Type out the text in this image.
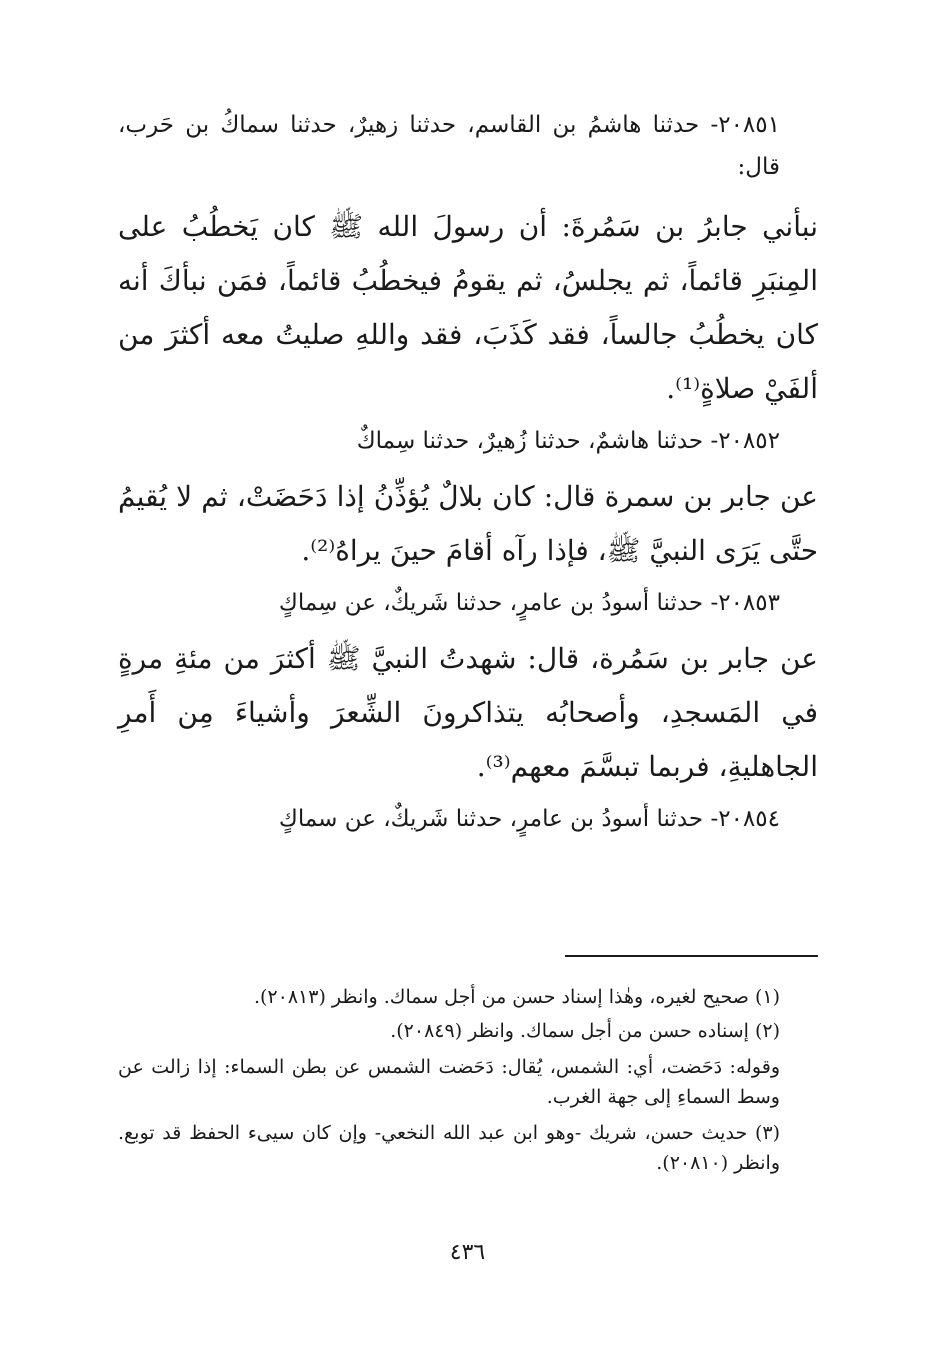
٢٠٨٥١ - حدثنا هاشمُ بن القاسم، حدثنا زهيرٌ، حدثنا سماكُ بن حَرب، قال:

نبأني جابرُ بن سَمُرةَ: أن رسولَ الله ﷺ كان يَخطُبُ على المِنبَرِ قائماً، ثم يجلسُ، ثم يقومُ فيخطُبُ قائماً، فمَن نبأكَ أنه كان يخطُبُ جالساً، فقد كَذَبَ، فقد واللهِ صليتُ معه أكثرَ من ألفَيْ صلاةٍ⁽¹⁾.

٢٠٨٥٢ - حدثنا هاشمٌ، حدثنا زُهيرٌ، حدثنا سِماكٌ

عن جابر بن سمرة قال: كان بلالٌ يُؤذِّنُ إذا دَحَضَتْ، ثم لا يُقيمُ حتَّى يَرَى النبيَّ ﷺ، فإذا رآه أقامَ حينَ يراهُ⁽²⁾.

٢٠٨٥٣ - حدثنا أسودُ بن عامرٍ، حدثنا شَريكٌ، عن سِماكٍ

عن جابر بن سَمُرة، قال: شهدتُ النبيَّ ﷺ أكثرَ من مئةِ مرةٍ في المَسجدِ، وأصحابُه يتذاكرونَ الشِّعرَ وأشياءَ مِن أَمرِ الجاهليةِ، فربما تبسَّمَ معهم⁽³⁾.

٢٠٨٥٤ - حدثنا أسودُ بن عامرٍ، حدثنا شَريكٌ، عن سماكٍ

(١) صحيح لغيره، وهٰذا إسناد حسن من أجل سماك. وانظر (٢٠٨١٣).

(٢) إسناده حسن من أجل سماك. وانظر (٢٠٨٤٩).

وقوله: دَحَضت، أي: الشمس، يُقال: دَحَضت الشمس عن بطن السماء: إذا زالت عن وسط السماءِ إلى جهة الغرب.

(٣) حديث حسن، شريك -وهو ابن عبد الله النخعي- وإن كان سيىء الحفظ قد توبع. وانظر (٢٠٨١٠).

٤٣٦
